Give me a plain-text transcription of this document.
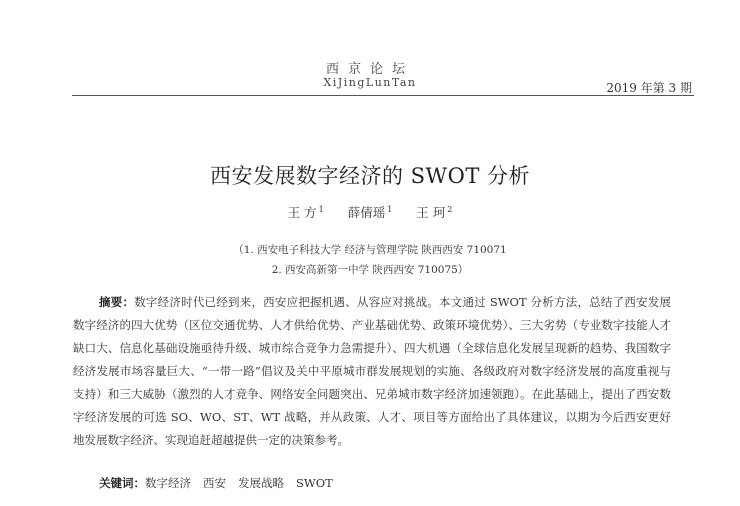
西京论坛
XiJingLunTan	2019 年第 3 期
西安发展数字经济的 SWOT 分析
王 方 $^1$ 薛倩瑶 $^1$ 王 珂 $^2$
（1. 西安电子科技大学 经济与管理学院 陕西西安 710071
2. 西安高新第一中学 陕西西安 710075）

摘要：数字经济时代已经到来，西安应把握机遇、从容应对挑战。本文通过 SWOT 分析方法，总结了西安发展数字经济的四大优势（区位交通优势、人才供给优势、产业基础优势、政策环境优势）、三大劣势（专业数字技能人才缺口大、信息化基础设施亟待升级、城市综合竞争力急需提升）、四大机遇（全球信息化发展呈现新的趋势、我国数字经济发展市场容量巨大、“一带一路”倡议及关中平原城市群发展规划的实施、各级政府对数字经济发展的高度重视与支持）和三大威胁（激烈的人才竞争、网络安全问题突出、兄弟城市数字经济加速领跑）。在此基础上，提出了西安数字经济发展的可选 SO、WO、ST、WT 战略，并从政策、人才、项目等方面给出了具体建议，以期为今后西安更好地发展数字经济、实现追赶超越提供一定的决策参考。

关键词：数字经济 西安 发展战略 SWOT
